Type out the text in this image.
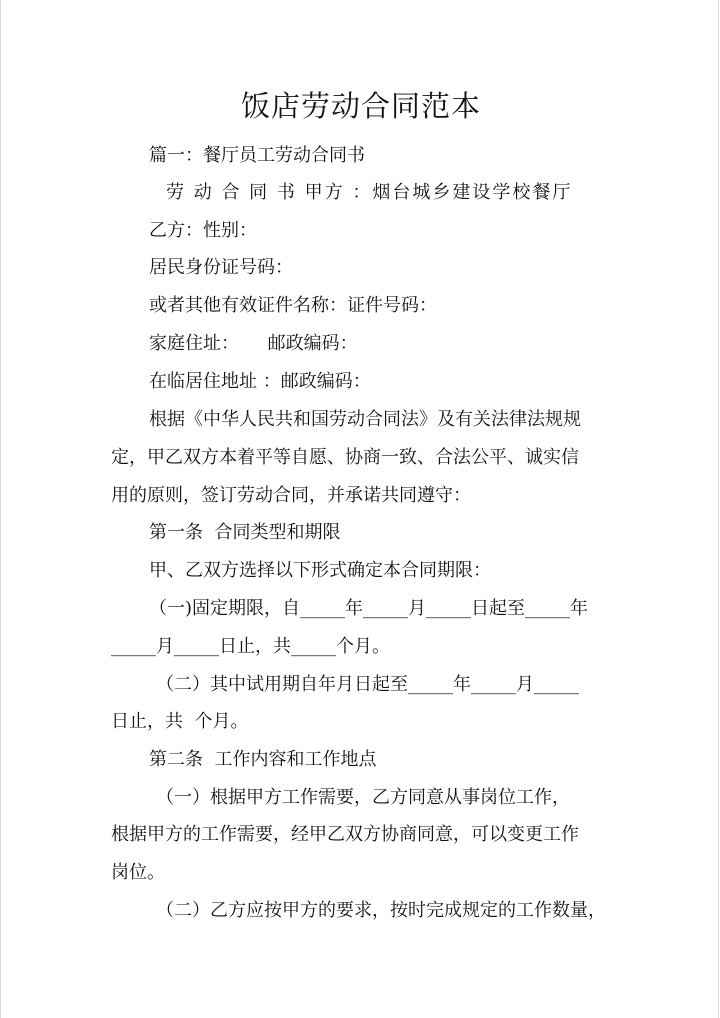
饭店劳动合同范本
篇一：餐厅员工劳动合同书
劳 动 合 同 书 甲方 ：烟台城乡建设学校餐厅
乙方：性别：
居民身份证号码：
或者其他有效证件名称：证件号码：
家庭住址：     邮政编码：
在临居住地址 ：邮政编码：
根据《中华人民共和国劳动合同法》及有关法律法规规
定，甲乙双方本着平等自愿、协商一致、合法公平、诚实信
用的原则，签订劳动合同，并承诺共同遵守：
第一条  合同类型和期限
甲、乙双方选择以下形式确定本合同期限：
（一)固定期限，自_____年_____月_____日起至_____年
_____月_____日止，共_____个月。
（二）其中试用期自年月日起至_____年_____月_____
日止，共  个月。
第二条  工作内容和工作地点
（一）根据甲方工作需要，乙方同意从事岗位工作，
根据甲方的工作需要，经甲乙双方协商同意，可以变更工作
岗位。
（二）乙方应按甲方的要求，按时完成规定的工作数量，
